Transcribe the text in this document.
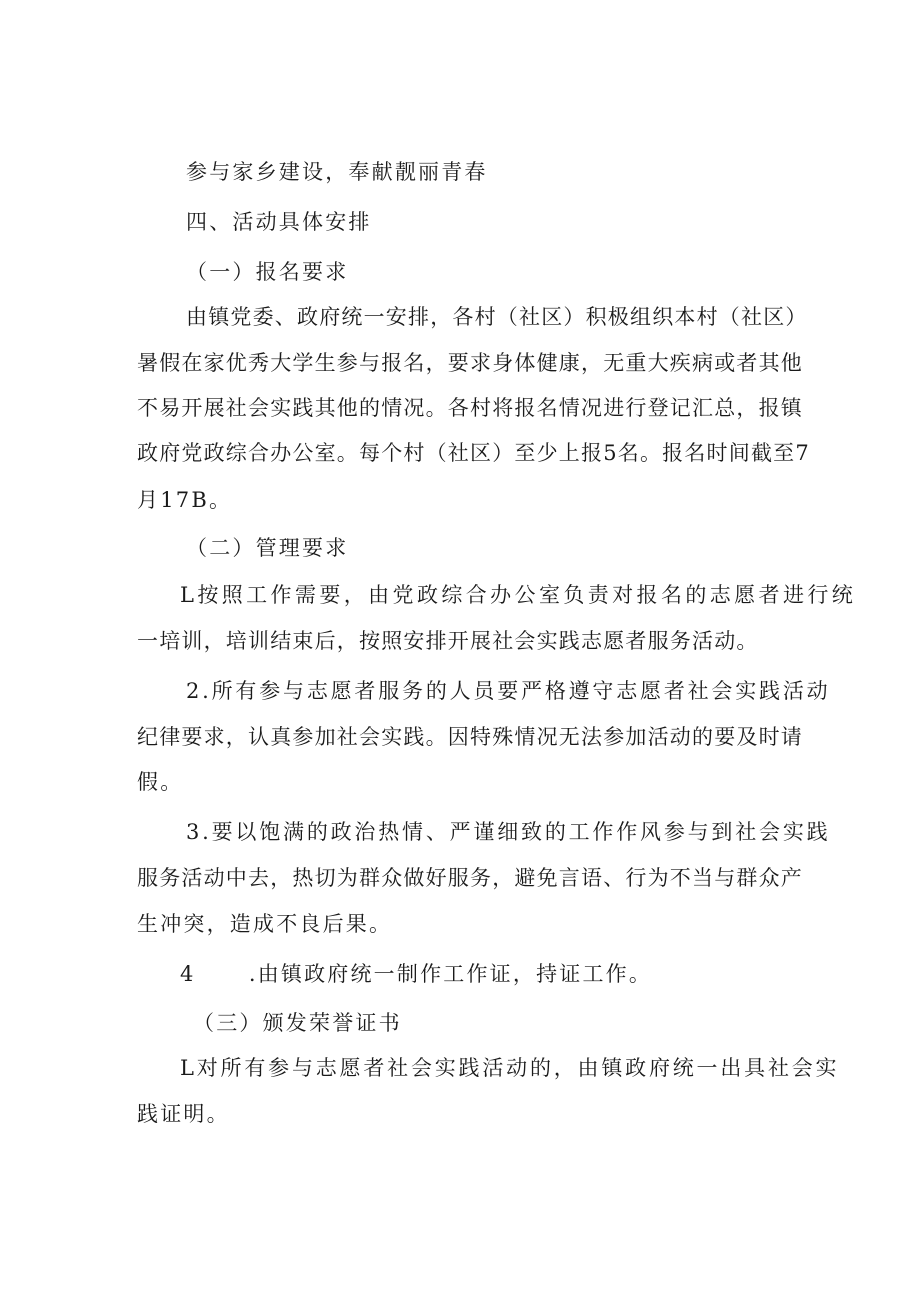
参与家乡建设，奉献靓丽青春
四、活动具体安排
（一）报名要求
由镇党委、政府统一安排，各村（社区）积极组织本村（社区）
暑假在家优秀大学生参与报名，要求身体健康，无重大疾病或者其他
不易开展社会实践其他的情况。各村将报名情况进行登记汇总，报镇
政府党政综合办公室。每个村（社区）至少上报5名。报名时间截至7
月17B。
（二）管理要求
L按照工作需要，由党政综合办公室负责对报名的志愿者进行统
一培训，培训结束后，按照安排开展社会实践志愿者服务活动。
2.所有参与志愿者服务的人员要严格遵守志愿者社会实践活动
纪律要求，认真参加社会实践。因特殊情况无法参加活动的要及时请
假。
3.要以饱满的政治热情、严谨细致的工作作风参与到社会实践
服务活动中去，热切为群众做好服务，避免言语、行为不当与群众产
生冲突，造成不良后果。
4      .由镇政府统一制作工作证，持证工作。
（三）颁发荣誉证书
L对所有参与志愿者社会实践活动的，由镇政府统一出具社会实
践证明。
